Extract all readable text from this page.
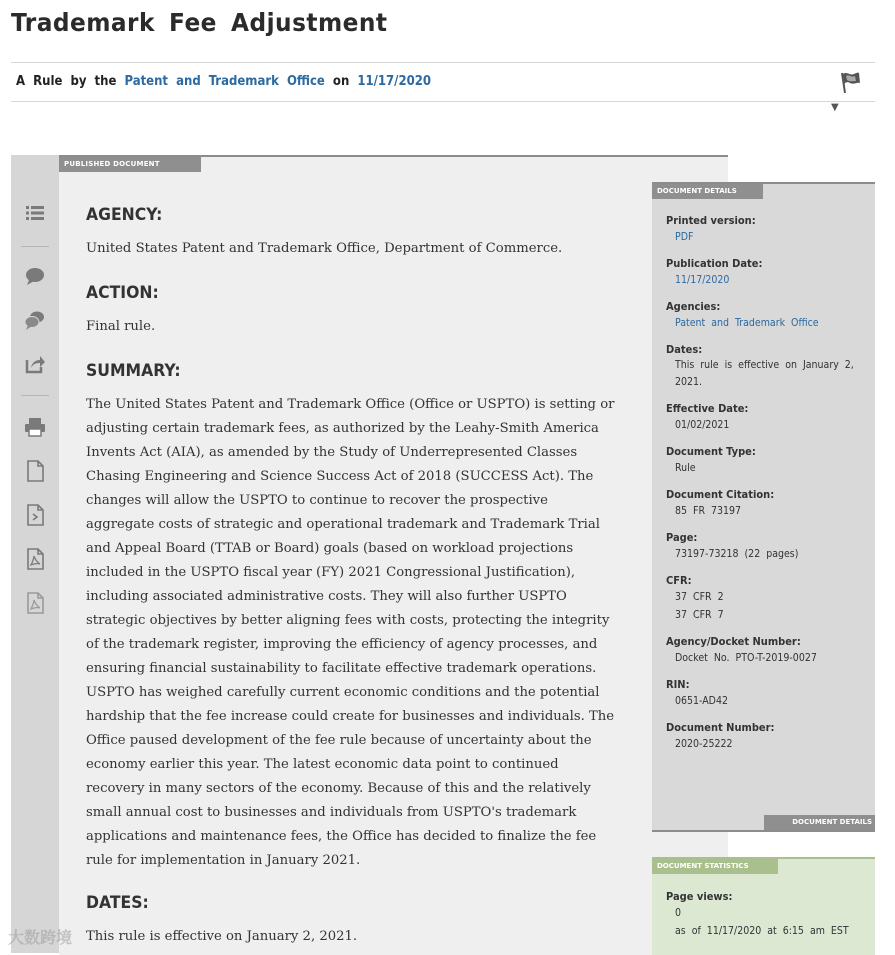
Trademark Fee Adjustment
A Rule by the Patent and Trademark Office on 11/17/2020
▼
PUBLISHED DOCUMENT
AGENCY:

United States Patent and Trademark Office, Department of Commerce.

ACTION:

Final rule.

SUMMARY:

The United States Patent and Trademark Office (Office or USPTO) is setting or adjusting certain trademark fees, as authorized by the Leahy-Smith America Invents Act (AIA), as amended by the Study of Underrepresented Classes Chasing Engineering and Science Success Act of 2018 (SUCCESS Act). The changes will allow the USPTO to continue to recover the prospective aggregate costs of strategic and operational trademark and Trademark Trial and Appeal Board (TTAB or Board) goals (based on workload projections included in the USPTO fiscal year (FY) 2021 Congressional Justification), including associated administrative costs. They will also further USPTO strategic objectives by better aligning fees with costs, protecting the integrity of the trademark register, improving the efficiency of agency processes, and ensuring financial sustainability to facilitate effective trademark operations. USPTO has weighed carefully current economic conditions and the potential hardship that the fee increase could create for businesses and individuals. The Office paused development of the fee rule because of uncertainty about the economy earlier this year. The latest economic data point to continued recovery in many sectors of the economy. Because of this and the relatively small annual cost to businesses and individuals from USPTO's trademark applications and maintenance fees, the Office has decided to finalize the fee rule for implementation in January 2021.

DATES:

This rule is effective on January 2, 2021.

DOCUMENT DETAILS
Printed version:
PDF
Publication Date:
11/17/2020
Agencies:
Patent and Trademark Office
Dates:
This rule is effective on January 2, 2021.
Effective Date:
01/02/2021
Document Type:
Rule
Document Citation:
85 FR 73197
Page:
73197-73218 (22 pages)
CFR:
37 CFR 2
37 CFR 7
Agency/Docket Number:
Docket No. PTO-T-2019-0027
RIN:
0651-AD42
Document Number:
2020-25222
DOCUMENT DETAILS
DOCUMENT STATISTICS
Page views:
0
as of 11/17/2020 at 6:15 am EST
大数跨境
